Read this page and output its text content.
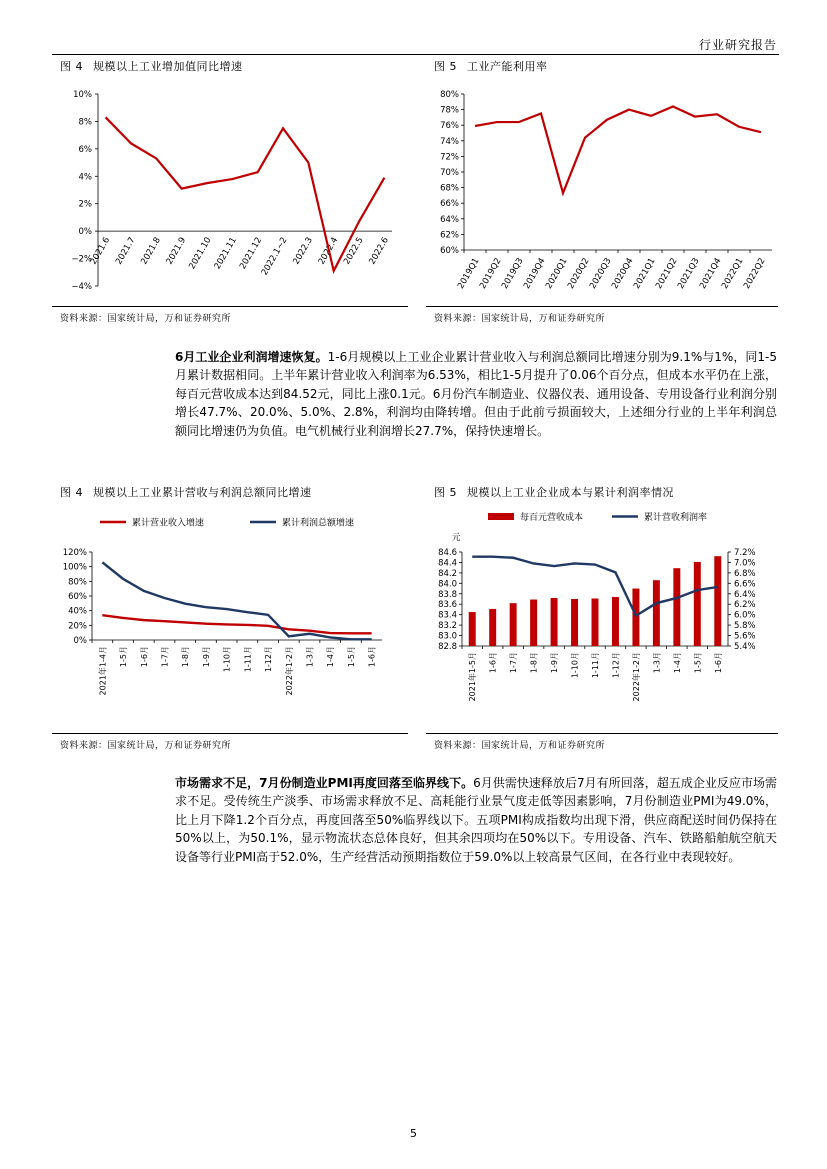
行业研究报告
图 4 规模以上工业增加值同比增速	图 5 工业产能利用率
10%
8%
6%
4%
2%
0%
−2%
−4%
2021.6 2021.7 2021.8 2021.9 2021.10 2021.11 2021.12
2022.1~2 2022.3 2022.4 2022.5 2022.6
80%
78%
76%
74%
72%
70%
68%
66%
64%
62%
60%
2019Q1
2019Q2
2019Q3
2019Q4
2020Q1
2020Q2
2020Q3
2020Q4
2021Q1
2021Q2
2021Q3
2021Q4
2022Q1
2022Q2
资料来源：国家统计局，万和证券研究所	资料来源：国家统计局，万和证券研究所
6月工业企业利润增速恢复。1-6月规模以上工业企业累计营业收入与利润总额同比增速分别为9.1%与1%，同1-5月累计数据相同。上半年累计营业收入利润率为6.53%，相比1-5月提升了0.06个百分点，但成本水平仍在上涨，每百元营收成本达到84.52元，同比上涨0.1元。6月份汽车制造业、仪器仪表、通用设备、专用设备行业利润分别增长47.7%、20.0%、5.0%、2.8%，利润均由降转增。但由于此前亏损面较大，上述细分行业的上半年利润总额同比增速仍为负值。电气机械行业利润增长27.7%，保持快速增长。
图 4 规模以上工业累计营收与利润总额同比增速	图 5 规模以上工业企业成本与累计利润率情况
累计营业收入增速	累计利润总额增速
120%
100%
80%
60%
40%
20%
0%
2021年1-4月 1-5月 1-6月 1-7月 1-8月 1-9月 1-10月 1-11月 1-12月 2022年1-2月 1-3月 1-4月 1-5月 1-6月
每百元营收成本	累计营收利润率
元
84.6
84.4
84.2
84.0
83.8
83.6
83.4
83.2
83.0
82.8
7.2%
7.0%
6.8%
6.6%
6.4%
6.2%
6.0%
5.8%
5.6%
5.4%
2021年1-5月 1-6月 1-7月 1-8月 1-9月 1-10月 1-11月 1-12月 2022年1-2月 1-3月 1-4月 1-5月 1-6月
资料来源：国家统计局，万和证券研究所	资料来源：国家统计局，万和证券研究所
市场需求不足，7月份制造业PMI再度回落至临界线下。6月供需快速释放后7月有所回落，超五成企业反应市场需求不足。受传统生产淡季、市场需求释放不足、高耗能行业景气度走低等因素影响，7月份制造业PMI为49.0%，比上月下降1.2个百分点，再度回落至50%临界线以下。五项PMI构成指数均出现下滑，供应商配送时间仍保持在50%以上，为50.1%，显示物流状态总体良好，但其余四项均在50%以下。专用设备、汽车、铁路船舶航空航天设备等行业PMI高于52.0%，生产经营活动预期指数位于59.0%以上较高景气区间，在各行业中表现较好。
5
